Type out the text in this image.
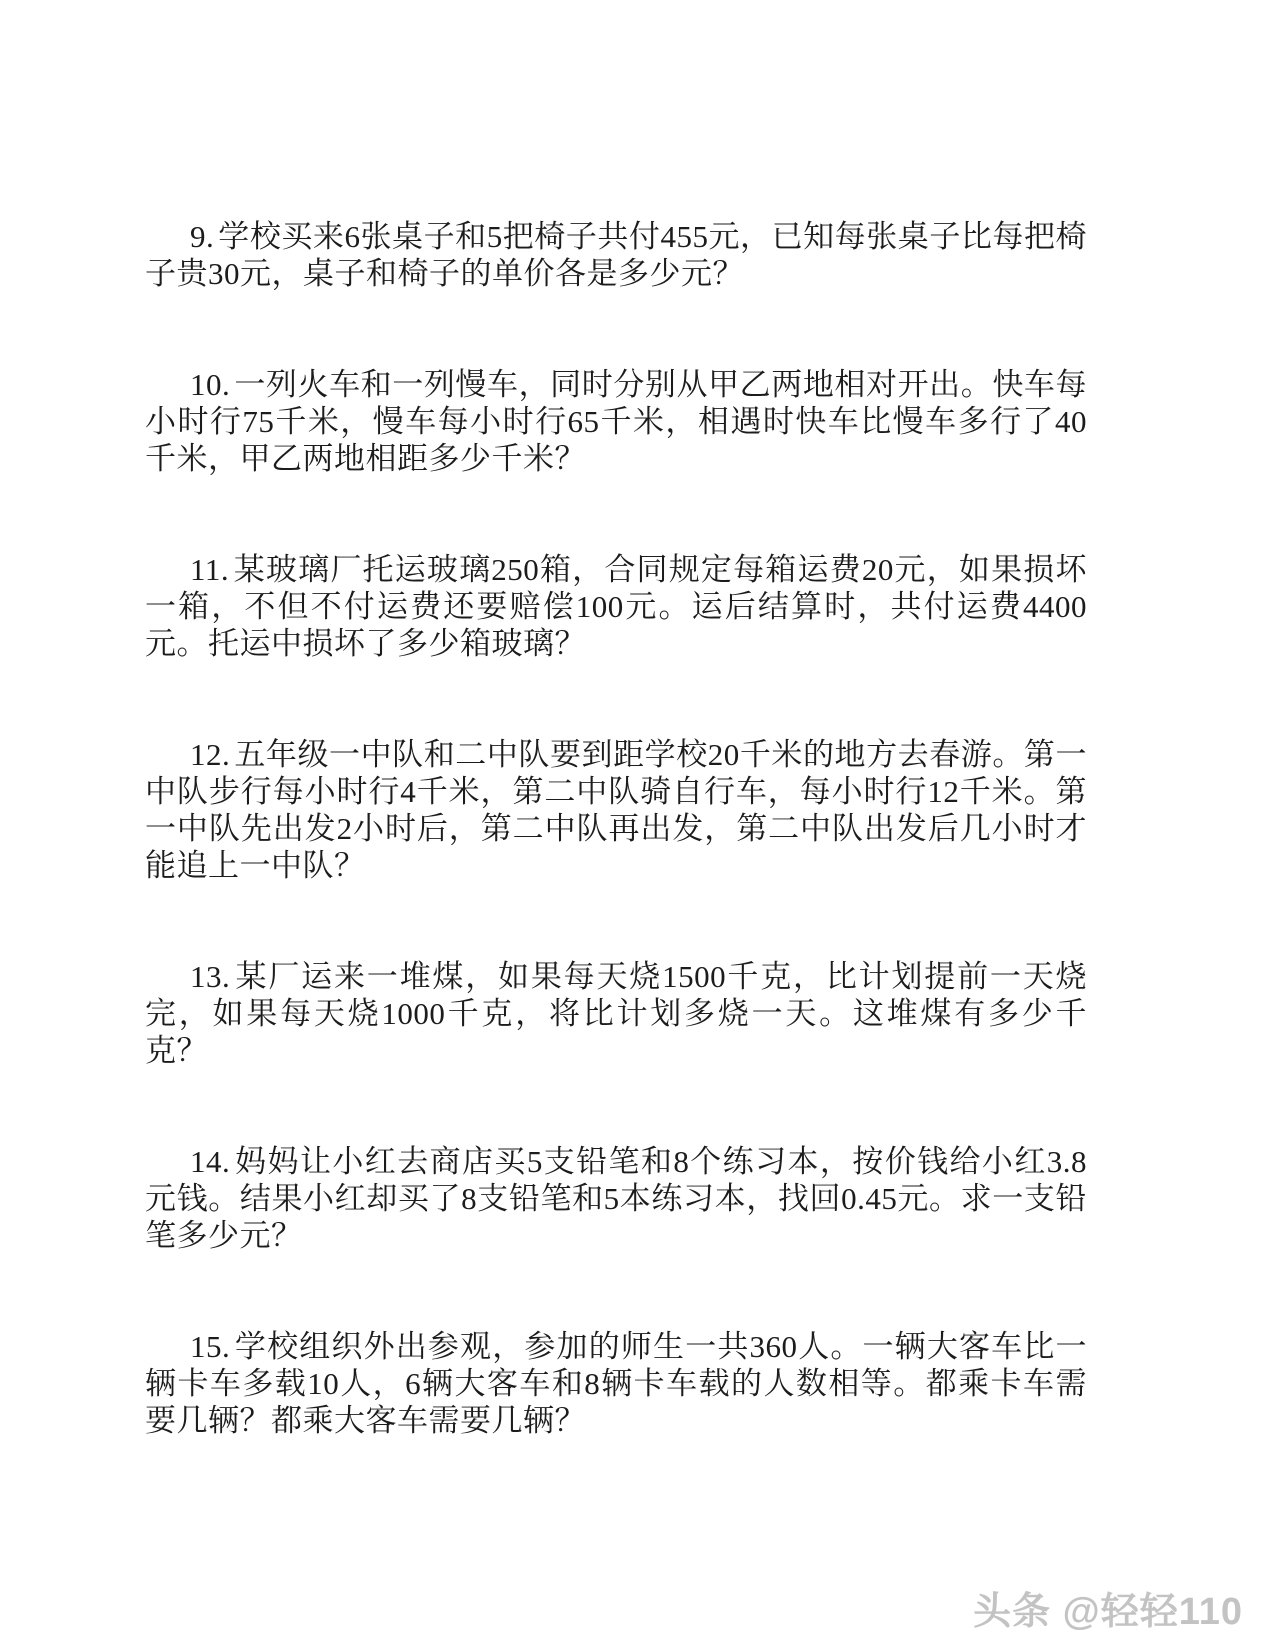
9. 学校买来6张桌子和5把椅子共付455元，已知每张桌子比每把椅子贵30元，桌子和椅子的单价各是多少元？

10. 一列火车和一列慢车，同时分别从甲乙两地相对开出。快车每小时行75千米，慢车每小时行65千米，相遇时快车比慢车多行了40千米，甲乙两地相距多少千米？

11. 某玻璃厂托运玻璃250箱，合同规定每箱运费20元，如果损坏一箱，不但不付运费还要赔偿100元。运后结算时，共付运费4400元。托运中损坏了多少箱玻璃？

12. 五年级一中队和二中队要到距学校20千米的地方去春游。第一中队步行每小时行4千米，第二中队骑自行车，每小时行12千米。第一中队先出发2小时后，第二中队再出发，第二中队出发后几小时才能追上一中队？

13. 某厂运来一堆煤，如果每天烧1500千克，比计划提前一天烧完，如果每天烧1000千克，将比计划多烧一天。这堆煤有多少千克？

14. 妈妈让小红去商店买5支铅笔和8个练习本，按价钱给小红3.8元钱。结果小红却买了8支铅笔和5本练习本，找回0.45元。求一支铅笔多少元？

15. 学校组织外出参观，参加的师生一共360人。一辆大客车比一辆卡车多载10人，6辆大客车和8辆卡车载的人数相等。都乘卡车需要几辆？都乘大客车需要几辆？

头条 @轻轻110
